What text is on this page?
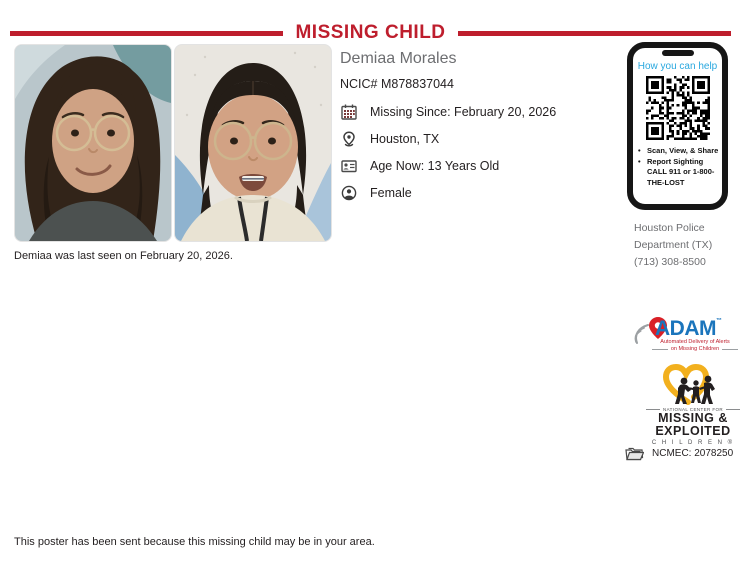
MISSING CHILD
Demiaa was last seen on February 20, 2026.
Demiaa Morales
NCIC# M878837044
Missing Since: February 20, 2026
Houston, TX
Age Now: 13 Years Old
Female
How you can help
• Scan, View, & Share
• Report Sighting CALL 911 or 1-800-THE-LOST
Houston Police
Department (TX)
(713) 308-8500
ADAM™
Automated Delivery of Alerts
on Missing Children
NATIONAL CENTER FOR
MISSING &
EXPLOITED
C H I L D R E N ®
NCMEC: 2078250
This poster has been sent because this missing child may be in your area.
